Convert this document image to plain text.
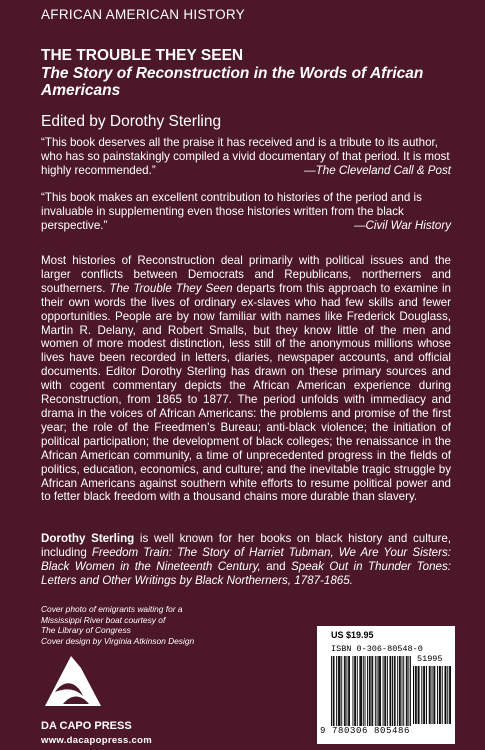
AFRICAN AMERICAN HISTORY
THE TROUBLE THEY SEEN
The Story of Reconstruction in the Words of African Americans
Edited by Dorothy Sterling
“This book deserves all the praise it has received and is a tribute to its author, who has so painstakingly compiled a vivid documentary of that period. It is most highly recommended.”	—The Cleveland Call & Post
“This book makes an excellent contribution to histories of the period and is invaluable in supplementing even those histories written from the black perspective.”	—Civil War History
Most histories of Reconstruction deal primarily with political issues and the larger conflicts between Democrats and Republicans, northerners and southerners. The Trouble They Seen departs from this approach to examine in their own words the lives of ordinary ex-slaves who had few skills and fewer opportunities. People are by now familiar with names like Frederick Douglass, Martin R. Delany, and Robert Smalls, but they know little of the men and women of more modest distinction, less still of the anonymous millions whose lives have been recorded in letters, diaries, newspaper accounts, and official documents. Editor Dorothy Sterling has drawn on these primary sources and with cogent commentary depicts the African American experience during Reconstruction, from 1865 to 1877. The period unfolds with immediacy and drama in the voices of African Americans: the problems and promise of the first year; the role of the Freedmen’s Bureau; anti-black violence; the initiation of political participation; the development of black colleges; the renaissance in the African American community, a time of unprecedented progress in the fields of politics, education, economics, and culture; and the inevitable tragic struggle by African Americans against southern white efforts to resume political power and to fetter black freedom with a thousand chains more durable than slavery.
Dorothy Sterling is well known for her books on black history and culture, including Freedom Train: The Story of Harriet Tubman, We Are Your Sisters: Black Women in the Nineteenth Century, and Speak Out in Thunder Tones: Letters and Other Writings by Black Northerners, 1787-1865.
Cover photo of emigrants waiting for a
Mississippi River boat courtesy of
The Library of Congress
Cover design by Virginia Atkinson Design
DA CAPO PRESS
www.dacapopress.com
US $19.95
ISBN 0-306-80548-0
51995
9 780306 805486
